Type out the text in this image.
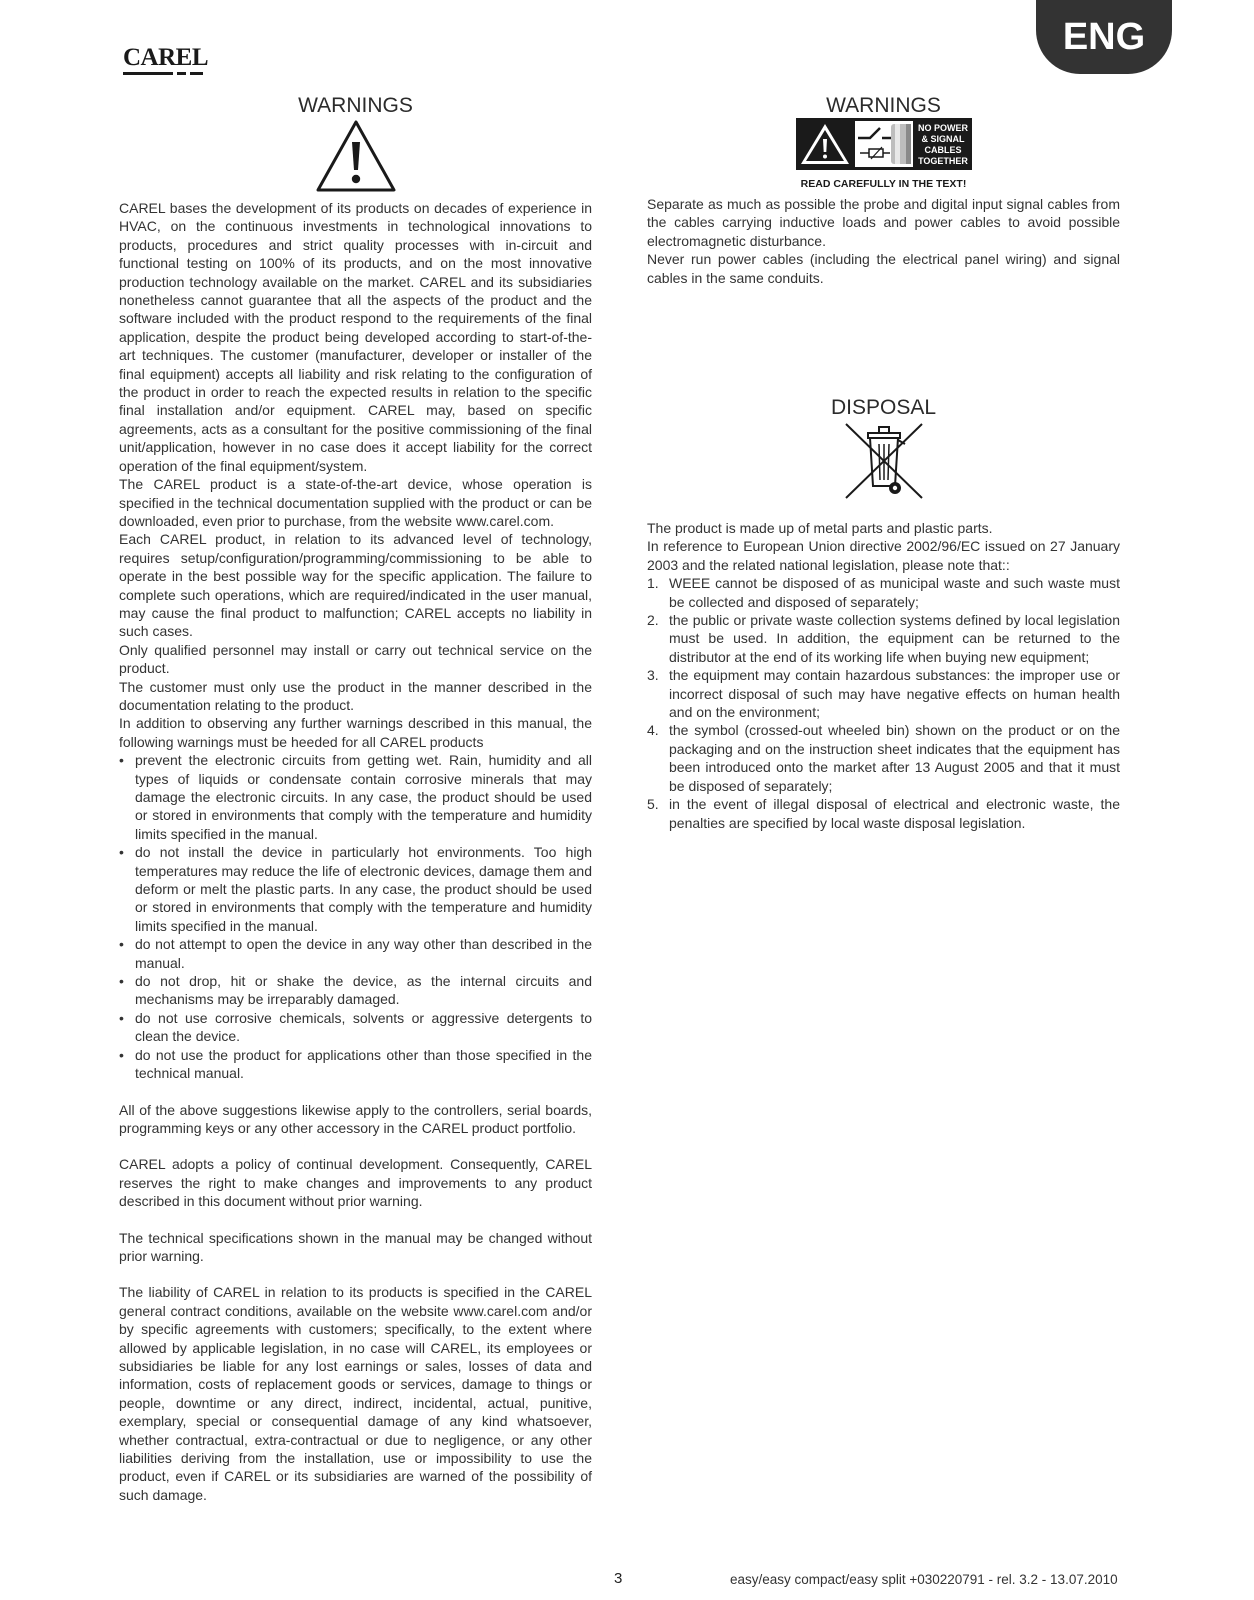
CAREL	ENG
WARNINGS

CAREL bases the development of its products on decades of experience in HVAC, on the continuous investments in technological innovations to products, procedures and strict quality processes with in-circuit and functional testing on 100% of its products, and on the most innovative production technology available on the market. CAREL and its subsidiaries nonetheless cannot guarantee that all the aspects of the product and the software included with the product respond to the requirements of the final application, despite the product being developed according to start-of-the-art techniques. The customer (manufacturer, developer or installer of the final equipment) accepts all liability and risk relating to the configuration of the product in order to reach the expected results in relation to the specific final installation and/or equipment. CAREL may, based on specific agreements, acts as a consultant for the positive commissioning of the final unit/application, however in no case does it accept liability for the correct operation of the final equipment/system.

The CAREL product is a state-of-the-art device, whose operation is specified in the technical documentation supplied with the product or can be downloaded, even prior to purchase, from the website www.carel.com.

Each CAREL product, in relation to its advanced level of technology, requires setup/configuration/programming/commissioning to be able to operate in the best possible way for the specific application. The failure to complete such operations, which are required/indicated in the user manual, may cause the final product to malfunction; CAREL accepts no liability in such cases.

Only qualified personnel may install or carry out technical service on the product.

The customer must only use the product in the manner described in the documentation relating to the product.

In addition to observing any further warnings described in this manual, the following warnings must be heeded for all CAREL products

• prevent the electronic circuits from getting wet. Rain, humidity and all types of liquids or condensate contain corrosive minerals that may damage the electronic circuits. In any case, the product should be used or stored in environments that comply with the temperature and humidity limits specified in the manual.
• do not install the device in particularly hot environments. Too high temperatures may reduce the life of electronic devices, damage them and deform or melt the plastic parts. In any case, the product should be used or stored in environments that comply with the temperature and humidity limits specified in the manual.
• do not attempt to open the device in any way other than described in the manual.
• do not drop, hit or shake the device, as the internal circuits and mechanisms may be irreparably damaged.
• do not use corrosive chemicals, solvents or aggressive detergents to clean the device.
• do not use the product for applications other than those specified in the technical manual.

All of the above suggestions likewise apply to the controllers, serial boards, programming keys or any other accessory in the CAREL product portfolio.

CAREL adopts a policy of continual development. Consequently, CAREL reserves the right to make changes and improvements to any product described in this document without prior warning.

The technical specifications shown in the manual may be changed without prior warning.

The liability of CAREL in relation to its products is specified in the CAREL general contract conditions, available on the website www.carel.com and/or by specific agreements with customers; specifically, to the extent where allowed by applicable legislation, in no case will CAREL, its employees or subsidiaries be liable for any lost earnings or sales, losses of data and information, costs of replacement goods or services, damage to things or people, downtime or any direct, indirect, incidental, actual, punitive, exemplary, special or consequential damage of any kind whatsoever, whether contractual, extra-contractual or due to negligence, or any other liabilities deriving from the installation, use or impossibility to use the product, even if CAREL or its subsidiaries are warned of the possibility of such damage.

WARNINGS
NO POWER
& SIGNAL
CABLES
TOGETHER
READ CAREFULLY IN THE TEXT!

Separate as much as possible the probe and digital input signal cables from the cables carrying inductive loads and power cables to avoid possible electromagnetic disturbance.

Never run power cables (including the electrical panel wiring) and signal cables in the same conduits.

DISPOSAL

The product is made up of metal parts and plastic parts.

In reference to European Union directive 2002/96/EC issued on 27 January 2003 and the related national legislation, please note that::

1. WEEE cannot be disposed of as municipal waste and such waste must be collected and disposed of separately;
2. the public or private waste collection systems defined by local legislation must be used. In addition, the equipment can be returned to the distributor at the end of its working life when buying new equipment;
3. the equipment may contain hazardous substances: the improper use or incorrect disposal of such may have negative effects on human health and on the environment;
4. the symbol (crossed-out wheeled bin) shown on the product or on the packaging and on the instruction sheet indicates that the equipment has been introduced onto the market after 13 August 2005 and that it must be disposed of separately;
5. in the event of illegal disposal of electrical and electronic waste, the penalties are specified by local waste disposal legislation.
3	easy/easy compact/easy split +030220791 - rel. 3.2 - 13.07.2010
